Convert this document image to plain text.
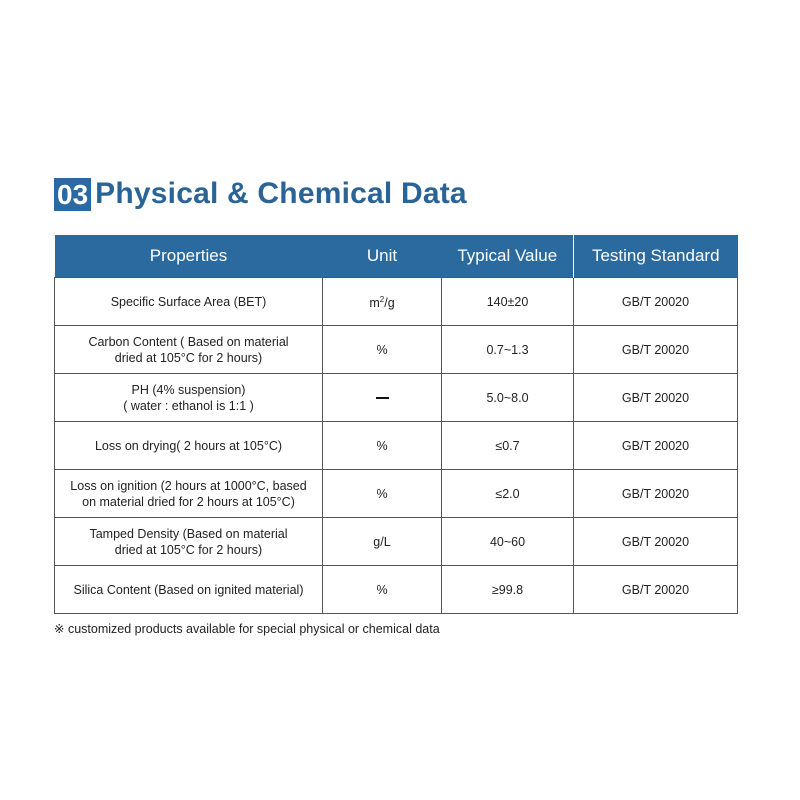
03 Physical & Chemical Data
Properties	Unit	Typical Value	Testing Standard

Specific Surface Area (BET)	$m^2/g$	140±20	GB/T 20020

Carbon Content ( Based on material
dried at 105°C for 2 hours)	%	0.7~1.3	GB/T 20020

PH (4% suspension)
( water : ethanol is 1:1 )		5.0~8.0	GB/T 20020

Loss on drying( 2 hours at 105°C)	%	≤0.7	GB/T 20020

Loss on ignition (2 hours at 1000°C, based
on material dried for 2 hours at 105°C)	%	≤2.0	GB/T 20020

Tamped Density (Based on material
dried at 105°C for 2 hours)	g/L	40~60	GB/T 20020

Silica Content (Based on ignited material)	%	≥99.8	GB/T 20020
※ customized products available for special physical or chemical data
